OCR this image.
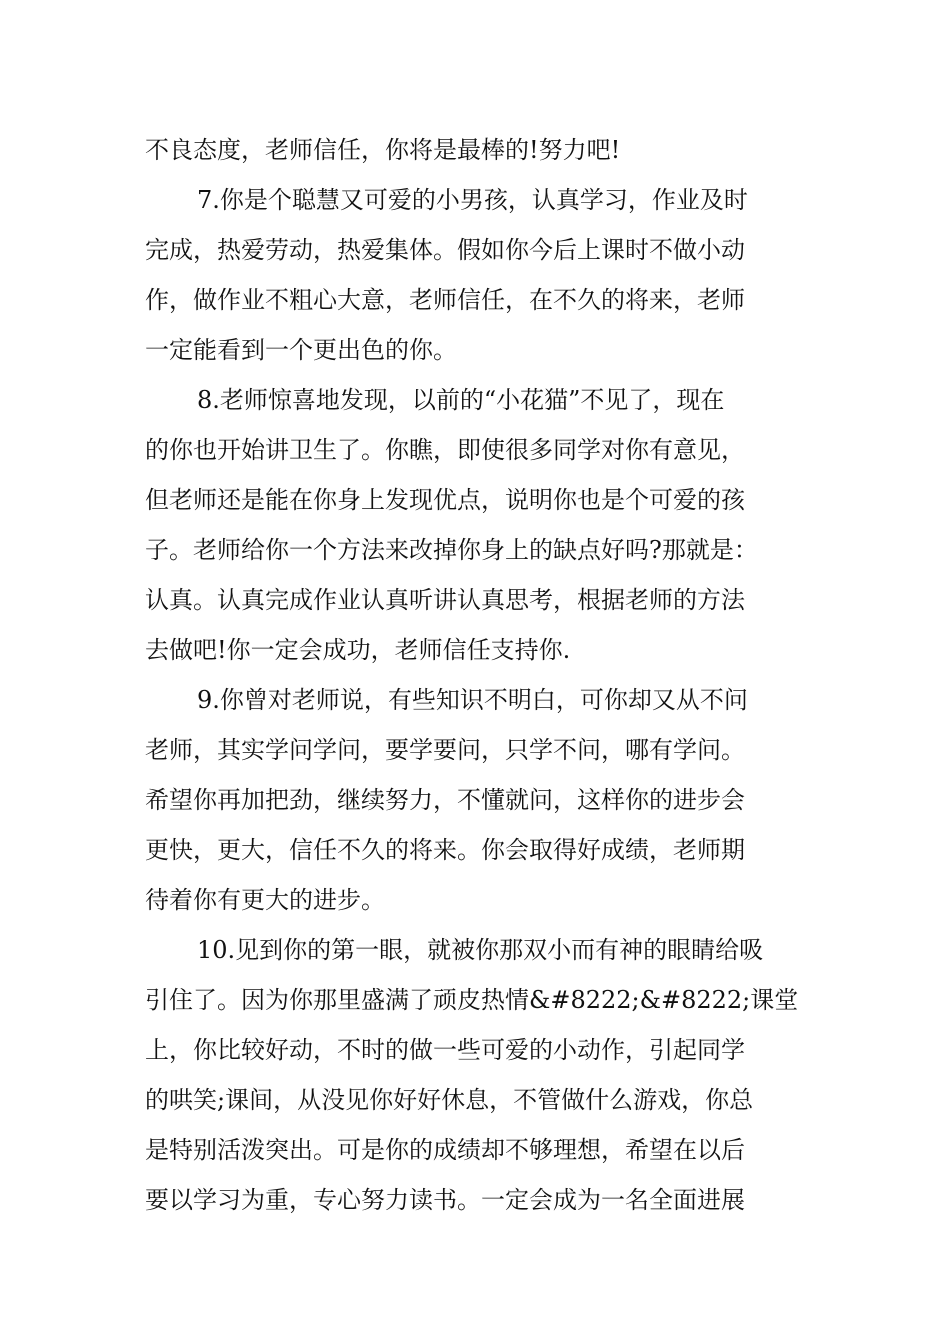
不良态度，老师信任，你将是最棒的!努力吧!
7.你是个聪慧又可爱的小男孩，认真学习，作业及时
完成，热爱劳动，热爱集体。假如你今后上课时不做小动
作，做作业不粗心大意，老师信任，在不久的将来，老师
一定能看到一个更出色的你。
8.老师惊喜地发现，以前的“小花猫”不见了，现在
的你也开始讲卫生了。你瞧，即使很多同学对你有意见，
但老师还是能在你身上发现优点，说明你也是个可爱的孩
子。老师给你一个方法来改掉你身上的缺点好吗?那就是：
认真。认真完成作业认真听讲认真思考，根据老师的方法
去做吧!你一定会成功，老师信任支持你.
9.你曾对老师说，有些知识不明白，可你却又从不问
老师，其实学问学问，要学要问，只学不问，哪有学问。
希望你再加把劲，继续努力，不懂就问，这样你的进步会
更快，更大，信任不久的将来。你会取得好成绩，老师期
待着你有更大的进步。
10.见到你的第一眼，就被你那双小而有神的眼睛给吸
引住了。因为你那里盛满了顽皮热情&#8222;&#8222;课堂
上，你比较好动，不时的做一些可爱的小动作，引起同学
的哄笑;课间，从没见你好好休息，不管做什么游戏，你总
是特别活泼突出。可是你的成绩却不够理想，希望在以后
要以学习为重，专心努力读书。一定会成为一名全面进展
